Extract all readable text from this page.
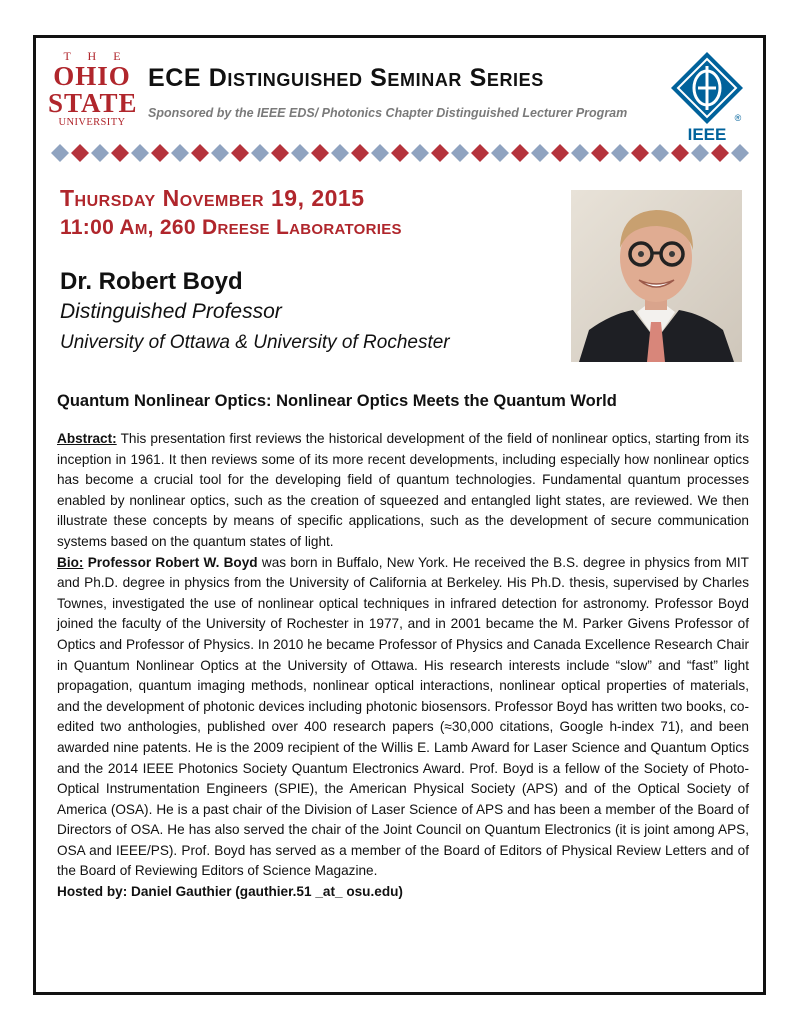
T H E
OHIO
STATE
UNIVERSITY
ECE Distinguished Seminar Series
Sponsored by the IEEE EDS/ Photonics Chapter Distinguished Lecturer Program
IEEE
®
Thursday November 19, 2015
11:00 Am, 260 Dreese Laboratories
Dr. Robert Boyd
Distinguished Professor
University of Ottawa & University of Rochester
Quantum Nonlinear Optics: Nonlinear Optics Meets the Quantum World

Abstract: This presentation first reviews the historical development of the field of nonlinear optics, starting from its inception in 1961. It then reviews some of its more recent developments, including especially how nonlinear optics has become a crucial tool for the developing field of quantum technologies. Fundamental quantum processes enabled by nonlinear optics, such as the creation of squeezed and entangled light states, are reviewed. We then illustrate these concepts by means of specific applications, such as the development of secure communication systems based on the quantum states of light.

Bio: Professor Robert W. Boyd was born in Buffalo, New York. He received the B.S. degree in physics from MIT and Ph.D. degree in physics from the University of California at Berkeley. His Ph.D. thesis, supervised by Charles Townes, investigated the use of nonlinear optical techniques in infrared detection for astronomy. Professor Boyd joined the faculty of the University of Rochester in 1977, and in 2001 became the M. Parker Givens Professor of Optics and Professor of Physics. In 2010 he became Professor of Physics and Canada Excellence Research Chair in Quantum Nonlinear Optics at the University of Ottawa. His research interests include “slow” and “fast” light propagation, quantum imaging methods, nonlinear optical interactions, nonlinear optical properties of materials, and the development of photonic devices including photonic biosensors. Professor Boyd has written two books, co-edited two anthologies, published over 400 research papers (≈30,000 citations, Google h-index 71), and been awarded nine patents. He is the 2009 recipient of the Willis E. Lamb Award for Laser Science and Quantum Optics and the 2014 IEEE Photonics Society Quantum Electronics Award. Prof. Boyd is a fellow of the Society of Photo-Optical Instrumentation Engineers (SPIE), the American Physical Society (APS) and of the Optical Society of America (OSA). He is a past chair of the Division of Laser Science of APS and has been a member of the Board of Directors of OSA. He has also served the chair of the Joint Council on Quantum Electronics (it is joint among APS, OSA and IEEE/PS). Prof. Boyd has served as a member of the Board of Editors of Physical Review Letters and of the Board of Reviewing Editors of Science Magazine.

Hosted by: Daniel Gauthier (gauthier.51 _at_ osu.edu)
